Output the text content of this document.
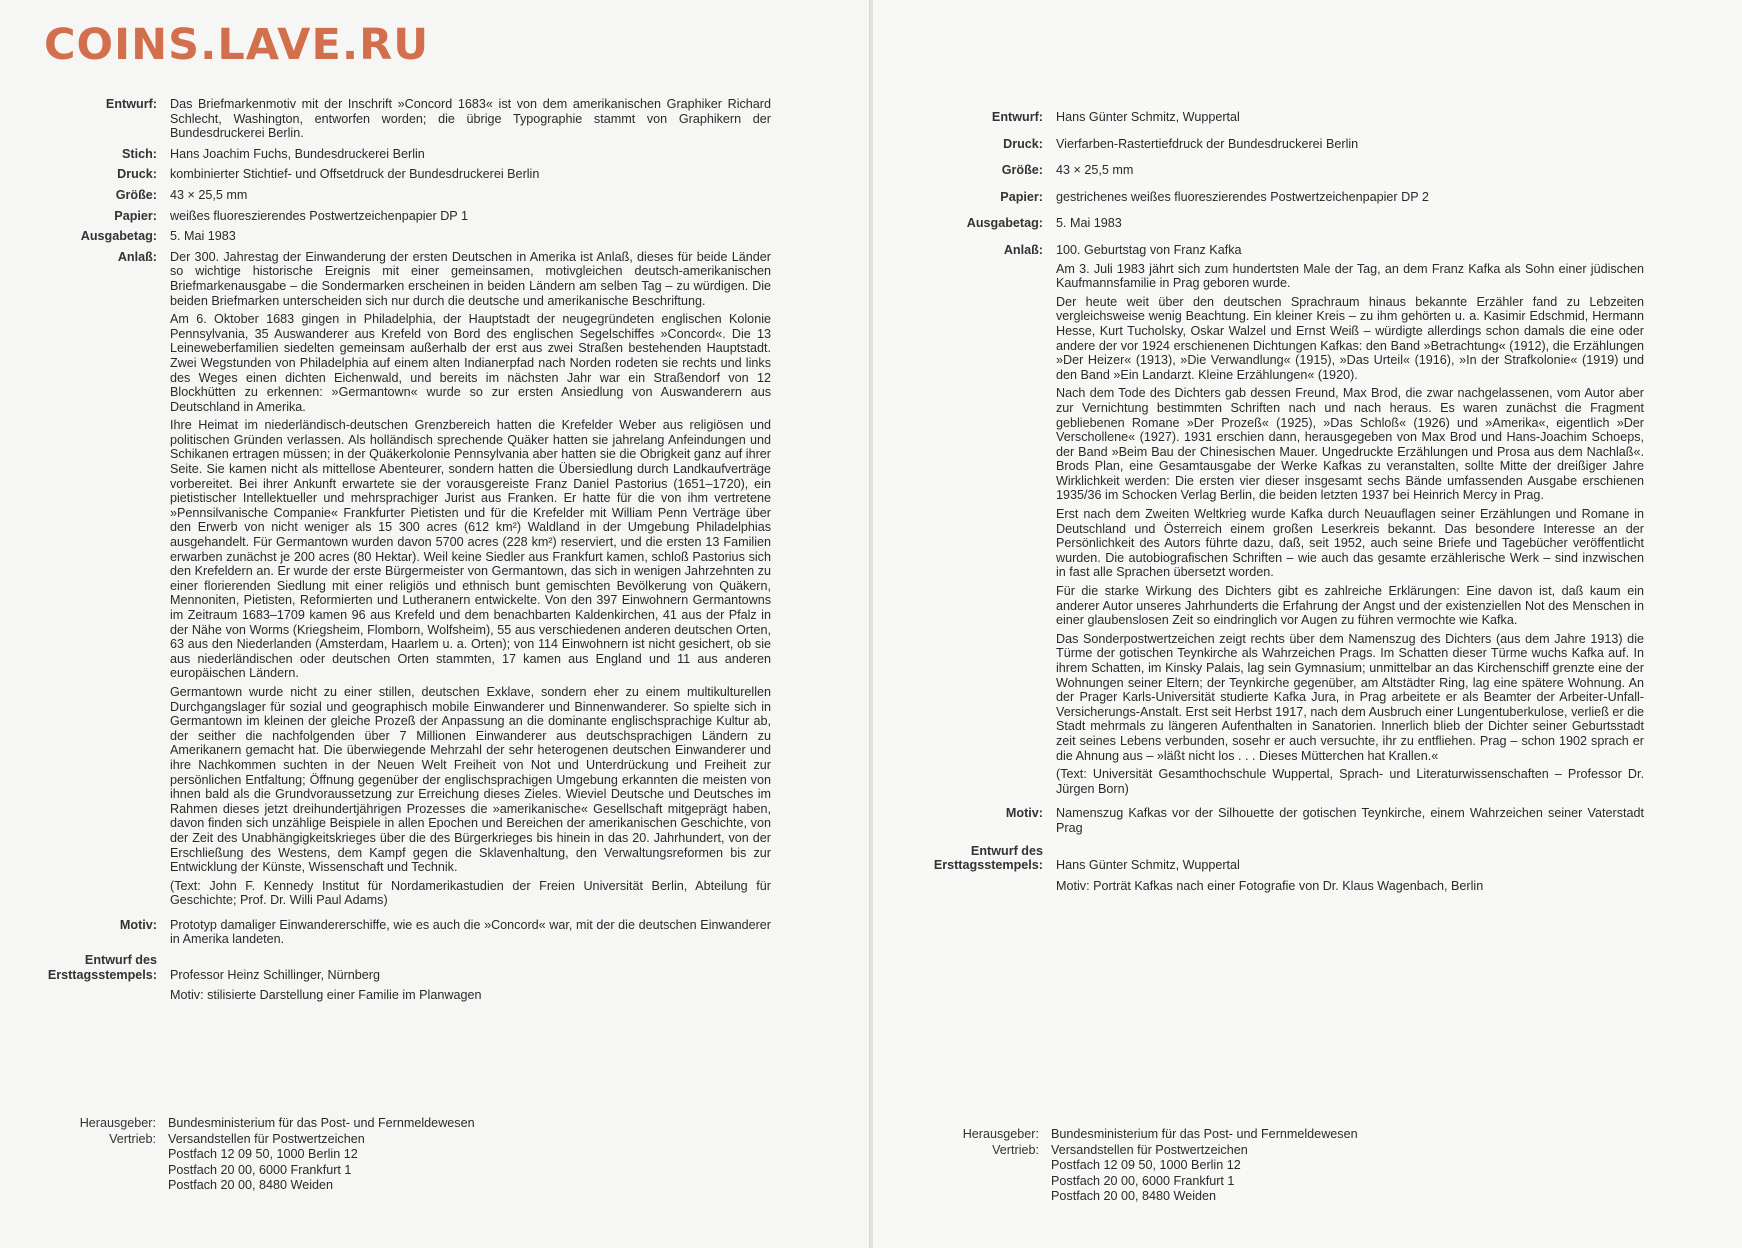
COINS.LAVE.RU
Entwurf: Das Briefmarkenmotiv mit der Inschrift »Concord 1683« ist von dem amerikanischen Graphiker Richard Schlecht, Washington, entworfen worden; die übrige Typographie stammt von Graphikern der Bundesdruckerei Berlin.
Stich: Hans Joachim Fuchs, Bundesdruckerei Berlin
Druck: kombinierter Stichtief- und Offsetdruck der Bundesdruckerei Berlin
Größe: 43 × 25,5 mm
Papier: weißes fluoreszierendes Postwertzeichenpapier DP 1
Ausgabetag: 5. Mai 1983
Anlaß: Der 300. Jahrestag der Einwanderung der ersten Deutschen in Amerika ist Anlaß, dieses für beide Länder so wichtige historische Ereignis mit einer gemeinsamen, motivgleichen deutsch-amerikanischen Briefmarkenausgabe – die Sondermarken erscheinen in beiden Ländern am selben Tag – zu würdigen. Die beiden Briefmarken unterscheiden sich nur durch die deutsche und amerikanische Beschriftung.

Am 6. Oktober 1683 gingen in Philadelphia, der Hauptstadt der neugegründeten englischen Kolonie Pennsylvania, 35 Auswanderer aus Krefeld von Bord des englischen Segelschiffes »Concord«. Die 13 Leineweberfamilien siedelten gemeinsam außerhalb der erst aus zwei Straßen bestehenden Hauptstadt. Zwei Wegstunden von Philadelphia auf einem alten Indianerpfad nach Norden rodeten sie rechts und links des Weges einen dichten Eichenwald, und bereits im nächsten Jahr war ein Straßendorf von 12 Blockhütten zu erkennen: »Germantown« wurde so zur ersten Ansiedlung von Auswanderern aus Deutschland in Amerika.

Ihre Heimat im niederländisch-deutschen Grenzbereich hatten die Krefelder Weber aus religiösen und politischen Gründen verlassen. Als holländisch sprechende Quäker hatten sie jahrelang Anfeindungen und Schikanen ertragen müssen; in der Quäkerkolonie Pennsylvania aber hatten sie die Obrigkeit ganz auf ihrer Seite. Sie kamen nicht als mittellose Abenteurer, sondern hatten die Übersiedlung durch Landkaufverträge vorbereitet. Bei ihrer Ankunft erwartete sie der vorausgereiste Franz Daniel Pastorius (1651–1720), ein pietistischer Intellektueller und mehrsprachiger Jurist aus Franken. Er hatte für die von ihm vertretene »Pennsilvanische Companie« Frankfurter Pietisten und für die Krefelder mit William Penn Verträge über den Erwerb von nicht weniger als 15 300 acres (612 km²) Waldland in der Umgebung Philadelphias ausgehandelt. Für Germantown wurden davon 5700 acres (228 km²) reserviert, und die ersten 13 Familien erwarben zunächst je 200 acres (80 Hektar). Weil keine Siedler aus Frankfurt kamen, schloß Pastorius sich den Krefeldern an. Er wurde der erste Bürgermeister von Germantown, das sich in wenigen Jahrzehnten zu einer florierenden Siedlung mit einer religiös und ethnisch bunt gemischten Bevölkerung von Quäkern, Mennoniten, Pietisten, Reformierten und Lutheranern entwickelte. Von den 397 Einwohnern Germantowns im Zeitraum 1683–1709 kamen 96 aus Krefeld und dem benachbarten Kaldenkirchen, 41 aus der Pfalz in der Nähe von Worms (Kriegsheim, Flomborn, Wolfsheim), 55 aus verschiedenen anderen deutschen Orten, 63 aus den Niederlanden (Amsterdam, Haarlem u. a. Orten); von 114 Einwohnern ist nicht gesichert, ob sie aus niederländischen oder deutschen Orten stammten, 17 kamen aus England und 11 aus anderen europäischen Ländern.

Germantown wurde nicht zu einer stillen, deutschen Exklave, sondern eher zu einem multikulturellen Durchgangslager für sozial und geographisch mobile Einwanderer und Binnenwanderer. So spielte sich in Germantown im kleinen der gleiche Prozeß der Anpassung an die dominante englischsprachige Kultur ab, der seither die nachfolgenden über 7 Millionen Einwanderer aus deutschsprachigen Ländern zu Amerikanern gemacht hat. Die überwiegende Mehrzahl der sehr heterogenen deutschen Einwanderer und ihre Nachkommen suchten in der Neuen Welt Freiheit von Not und Unterdrückung und Freiheit zur persönlichen Entfaltung; Öffnung gegenüber der englischsprachigen Umgebung erkannten die meisten von ihnen bald als die Grundvoraussetzung zur Erreichung dieses Zieles. Wieviel Deutsche und Deutsches im Rahmen dieses jetzt dreihundertjährigen Prozesses die »amerikanische« Gesellschaft mitgeprägt haben, davon finden sich unzählige Beispiele in allen Epochen und Bereichen der amerikanischen Geschichte, von der Zeit des Unabhängigkeitskrieges über die des Bürgerkrieges bis hinein in das 20. Jahrhundert, von der Erschließung des Westens, dem Kampf gegen die Sklavenhaltung, den Verwaltungsreformen bis zur Entwicklung der Künste, Wissenschaft und Technik.

(Text: John F. Kennedy Institut für Nordamerikastudien der Freien Universität Berlin, Abteilung für Geschichte; Prof. Dr. Willi Paul Adams)

Motiv: Prototyp damaliger Einwandererschiffe, wie es auch die »Concord« war, mit der die deutschen Einwanderer in Amerika landeten.
Entwurf des
Ersttagsstempels: Professor Heinz Schillinger, Nürnberg
Motiv: stilisierte Darstellung einer Familie im Planwagen
Herausgeber:
Vertrieb:
Bundesministerium für das Post- und Fernmeldewesen
Versandstellen für Postwertzeichen
Postfach 12 09 50, 1000 Berlin 12
Postfach 20 00, 6000 Frankfurt 1
Postfach 20 00, 8480 Weiden
Entwurf: Hans Günter Schmitz, Wuppertal
Druck: Vierfarben-Rastertiefdruck der Bundesdruckerei Berlin
Größe: 43 × 25,5 mm
Papier: gestrichenes weißes fluoreszierendes Postwertzeichenpapier DP 2
Ausgabetag: 5. Mai 1983
Anlaß: 100. Geburtstag von Franz Kafka

Am 3. Juli 1983 jährt sich zum hundertsten Male der Tag, an dem Franz Kafka als Sohn einer jüdischen Kaufmannsfamilie in Prag geboren wurde.

Der heute weit über den deutschen Sprachraum hinaus bekannte Erzähler fand zu Lebzeiten vergleichsweise wenig Beachtung. Ein kleiner Kreis – zu ihm gehörten u. a. Kasimir Edschmid, Hermann Hesse, Kurt Tucholsky, Oskar Walzel und Ernst Weiß – würdigte allerdings schon damals die eine oder andere der vor 1924 erschienenen Dichtungen Kafkas: den Band »Betrachtung« (1912), die Erzählungen »Der Heizer« (1913), »Die Verwandlung« (1915), »Das Urteil« (1916), »In der Strafkolonie« (1919) und den Band »Ein Landarzt. Kleine Erzählungen« (1920).

Nach dem Tode des Dichters gab dessen Freund, Max Brod, die zwar nachgelassenen, vom Autor aber zur Vernichtung bestimmten Schriften nach und nach heraus. Es waren zunächst die Fragment gebliebenen Romane »Der Prozeß« (1925), »Das Schloß« (1926) und »Amerika«, eigentlich »Der Verschollene« (1927). 1931 erschien dann, herausgegeben von Max Brod und Hans-Joachim Schoeps, der Band »Beim Bau der Chinesischen Mauer. Ungedruckte Erzählungen und Prosa aus dem Nachlaß«. Brods Plan, eine Gesamtausgabe der Werke Kafkas zu veranstalten, sollte Mitte der dreißiger Jahre Wirklichkeit werden: Die ersten vier dieser insgesamt sechs Bände umfassenden Ausgabe erschienen 1935/36 im Schocken Verlag Berlin, die beiden letzten 1937 bei Heinrich Mercy in Prag.

Erst nach dem Zweiten Weltkrieg wurde Kafka durch Neuauflagen seiner Erzählungen und Romane in Deutschland und Österreich einem großen Leserkreis bekannt. Das besondere Interesse an der Persönlichkeit des Autors führte dazu, daß, seit 1952, auch seine Briefe und Tagebücher veröffentlicht wurden. Die autobiografischen Schriften – wie auch das gesamte erzählerische Werk – sind inzwischen in fast alle Sprachen übersetzt worden.

Für die starke Wirkung des Dichters gibt es zahlreiche Erklärungen: Eine davon ist, daß kaum ein anderer Autor unseres Jahrhunderts die Erfahrung der Angst und der existenziellen Not des Menschen in einer glaubenslosen Zeit so eindringlich vor Augen zu führen vermochte wie Kafka.

Das Sonderpostwertzeichen zeigt rechts über dem Namenszug des Dichters (aus dem Jahre 1913) die Türme der gotischen Teynkirche als Wahrzeichen Prags. Im Schatten dieser Türme wuchs Kafka auf. In ihrem Schatten, im Kinsky Palais, lag sein Gymnasium; unmittelbar an das Kirchenschiff grenzte eine der Wohnungen seiner Eltern; der Teynkirche gegenüber, am Altstädter Ring, lag eine spätere Wohnung. An der Prager Karls-Universität studierte Kafka Jura, in Prag arbeitete er als Beamter der Arbeiter-Unfall-Versicherungs-Anstalt. Erst seit Herbst 1917, nach dem Ausbruch einer Lungentuberkulose, verließ er die Stadt mehrmals zu längeren Aufenthalten in Sanatorien. Innerlich blieb der Dichter seiner Geburtsstadt zeit seines Lebens verbunden, sosehr er auch versuchte, ihr zu entfliehen. Prag – schon 1902 sprach er die Ahnung aus – »läßt nicht los . . . Dieses Mütterchen hat Krallen.«

(Text: Universität Gesamthochschule Wuppertal, Sprach- und Literaturwissenschaften – Professor Dr. Jürgen Born)

Motiv: Namenszug Kafkas vor der Silhouette der gotischen Teynkirche, einem Wahrzeichen seiner Vaterstadt Prag
Entwurf des
Ersttagsstempels: Hans Günter Schmitz, Wuppertal
Motiv: Porträt Kafkas nach einer Fotografie von Dr. Klaus Wagenbach, Berlin
Herausgeber:
Vertrieb:
Bundesministerium für das Post- und Fernmeldewesen
Versandstellen für Postwertzeichen
Postfach 12 09 50, 1000 Berlin 12
Postfach 20 00, 6000 Frankfurt 1
Postfach 20 00, 8480 Weiden
